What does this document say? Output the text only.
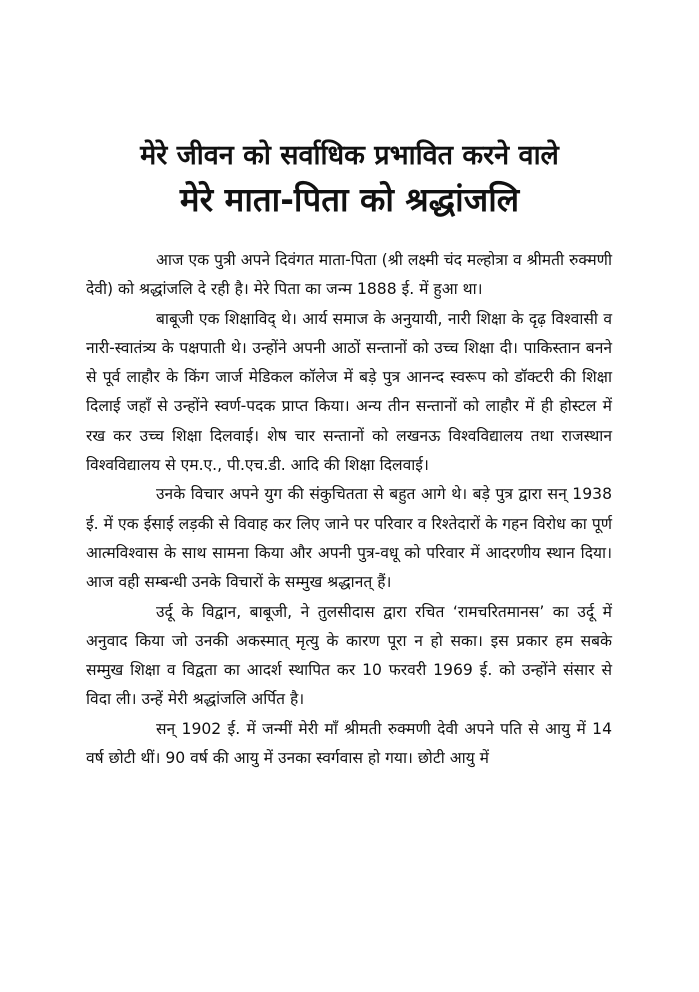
मेरे जीवन को सर्वाधिक प्रभावित करने वाले
मेरे माता-पिता को श्रद्धांजलि

आज एक पुत्री अपने दिवंगत माता-पिता (श्री लक्ष्मी चंद मल्होत्रा व श्रीमती रुक्मणी देवी) को श्रद्धांजलि दे रही है। मेरे पिता का जन्म 1888 ई. में हुआ था।

बाबूजी एक शिक्षाविद् थे। आर्य समाज के अनुयायी, नारी शिक्षा के दृढ़ विश्वासी व नारी-स्वातंत्र्य के पक्षपाती थे। उन्होंने अपनी आठों सन्तानों को उच्च शिक्षा दी। पाकिस्तान बनने से पूर्व लाहौर के किंग जार्ज मेडिकल कॉलेज में बड़े पुत्र आनन्द स्वरूप को डॉक्टरी की शिक्षा दिलाई जहाँ से उन्होंने स्वर्ण-पदक प्राप्त किया। अन्य तीन सन्तानों को लाहौर में ही होस्टल में रख कर उच्च शिक्षा दिलवाई। शेष चार सन्तानों को लखनऊ विश्वविद्यालय तथा राजस्थान विश्वविद्यालय से एम.ए., पी.एच.डी. आदि की शिक्षा दिलवाई।

उनके विचार अपने युग की संकुचितता से बहुत आगे थे। बड़े पुत्र द्वारा सन् 1938 ई. में एक ईसाई लड़की से विवाह कर लिए जाने पर परिवार व रिश्तेदारों के गहन विरोध का पूर्ण आत्मविश्वास के साथ सामना किया और अपनी पुत्र-वधू को परिवार में आदरणीय स्थान दिया। आज वही सम्बन्धी उनके विचारों के सम्मुख श्रद्धानत् हैं।

उर्दू के विद्वान, बाबूजी, ने तुलसीदास द्वारा रचित ‘रामचरितमानस’ का उर्दू में अनुवाद किया जो उनकी अकस्मात् मृत्यु के कारण पूरा न हो सका। इस प्रकार हम सबके सम्मुख शिक्षा व विद्वता का आदर्श स्थापित कर 10 फरवरी 1969 ई. को उन्होंने संसार से विदा ली। उन्हें मेरी श्रद्धांजलि अर्पित है।

सन् 1902 ई. में जन्मीं मेरी माँ श्रीमती रुक्मणी देवी अपने पति से आयु में 14 वर्ष छोटी थीं। 90 वर्ष की आयु में उनका स्वर्गवास हो गया। छोटी आयु में
